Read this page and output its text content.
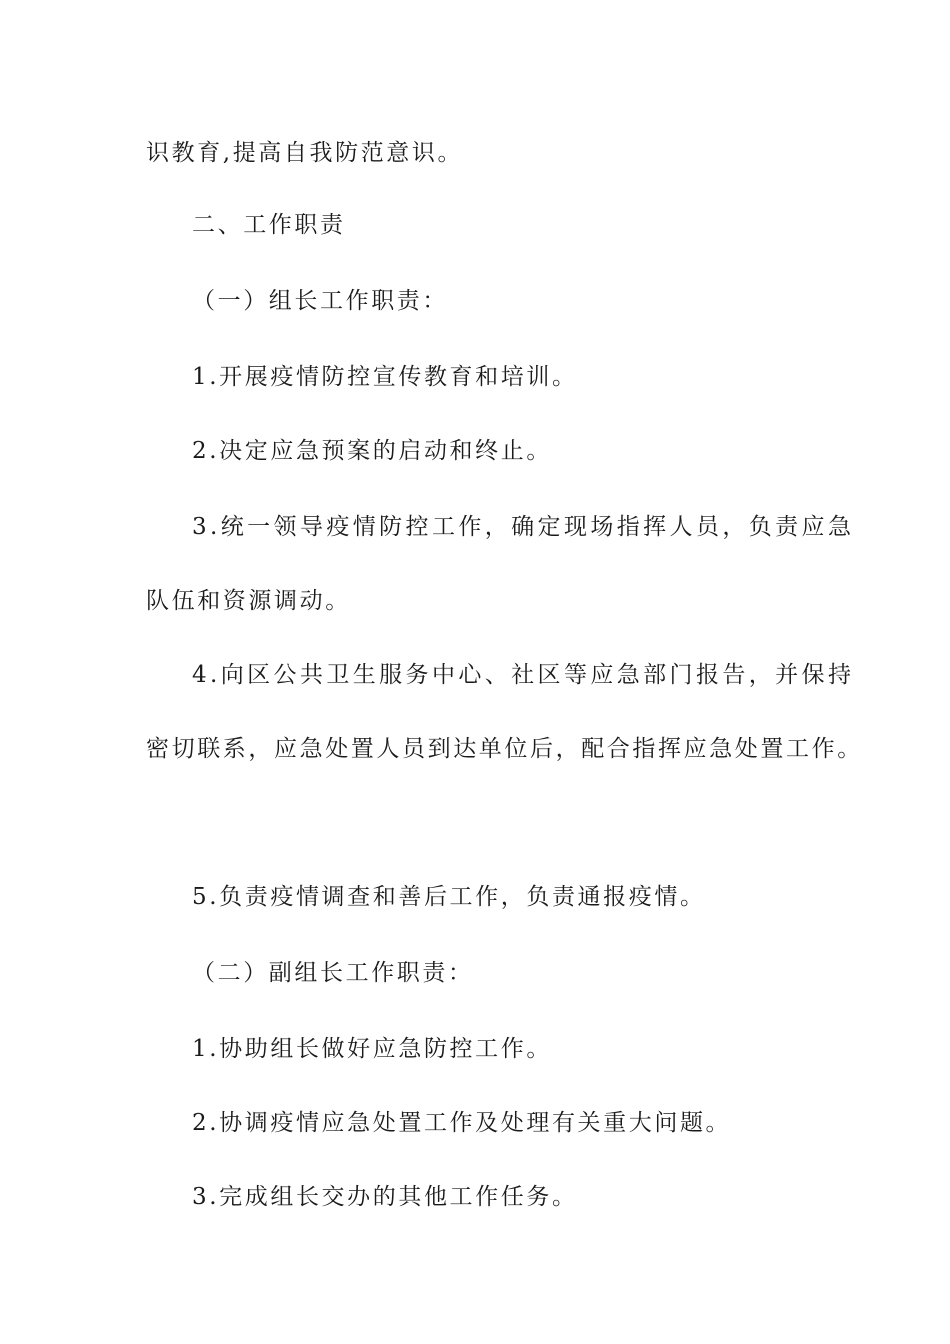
识教育,提高自我防范意识。
二、工作职责
（一）组长工作职责：
1.开展疫情防控宣传教育和培训。
2.决定应急预案的启动和终止。
3.统一领导疫情防控工作，确定现场指挥人员，负责应急
队伍和资源调动。
4.向区公共卫生服务中心、社区等应急部门报告，并保持
密切联系，应急处置人员到达单位后，配合指挥应急处置工作。
5.负责疫情调查和善后工作，负责通报疫情。
（二）副组长工作职责：
1.协助组长做好应急防控工作。
2.协调疫情应急处置工作及处理有关重大问题。
3.完成组长交办的其他工作任务。
